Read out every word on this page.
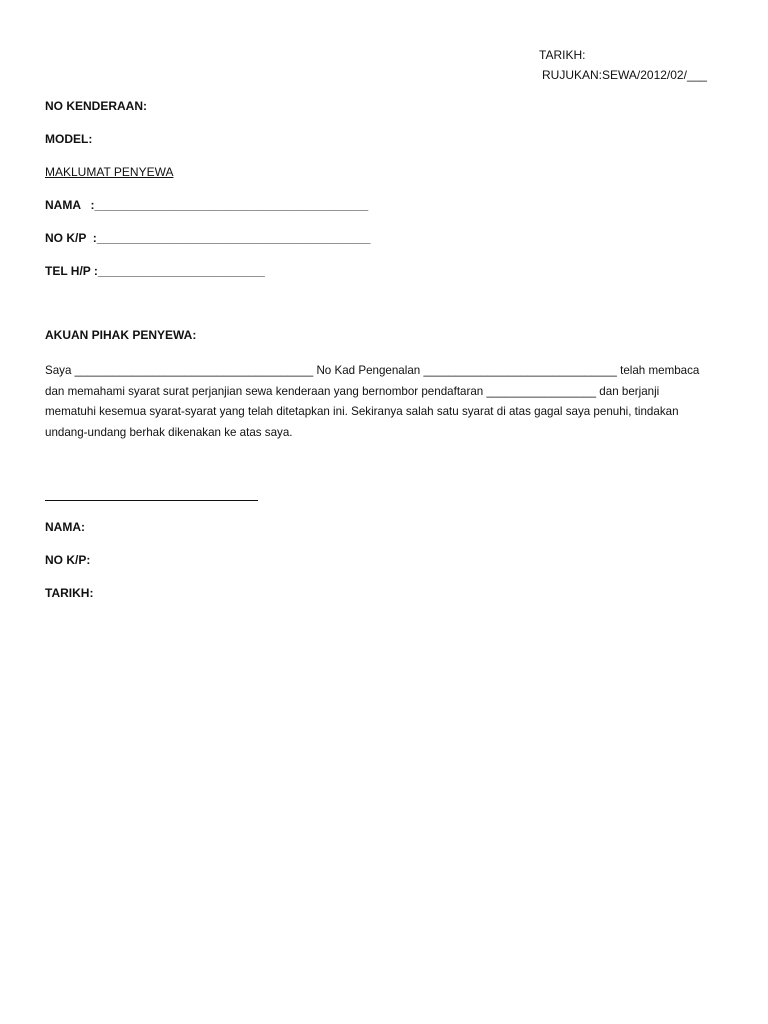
TARIKH:

RUJUKAN:SEWA/2012/02/___

NO KENDERAAN:

MODEL:

MAKLUMAT PENYEWA

NAMA   :_________________________________________

NO K/P  :_________________________________________

TEL H/P :_________________________

AKUAN PIHAK PENYEWA:

Saya _____________________________________ No Kad Pengenalan ______________________________ telah membaca
dan memahami syarat surat perjanjian sewa kenderaan yang bernombor pendaftaran _________________ dan berjanji
mematuhi kesemua syarat-syarat yang telah ditetapkan ini. Sekiranya salah satu syarat di atas gagal saya penuhi, tindakan
undang-undang berhak dikenakan ke atas saya.

NAMA:

NO K/P:

TARIKH:
